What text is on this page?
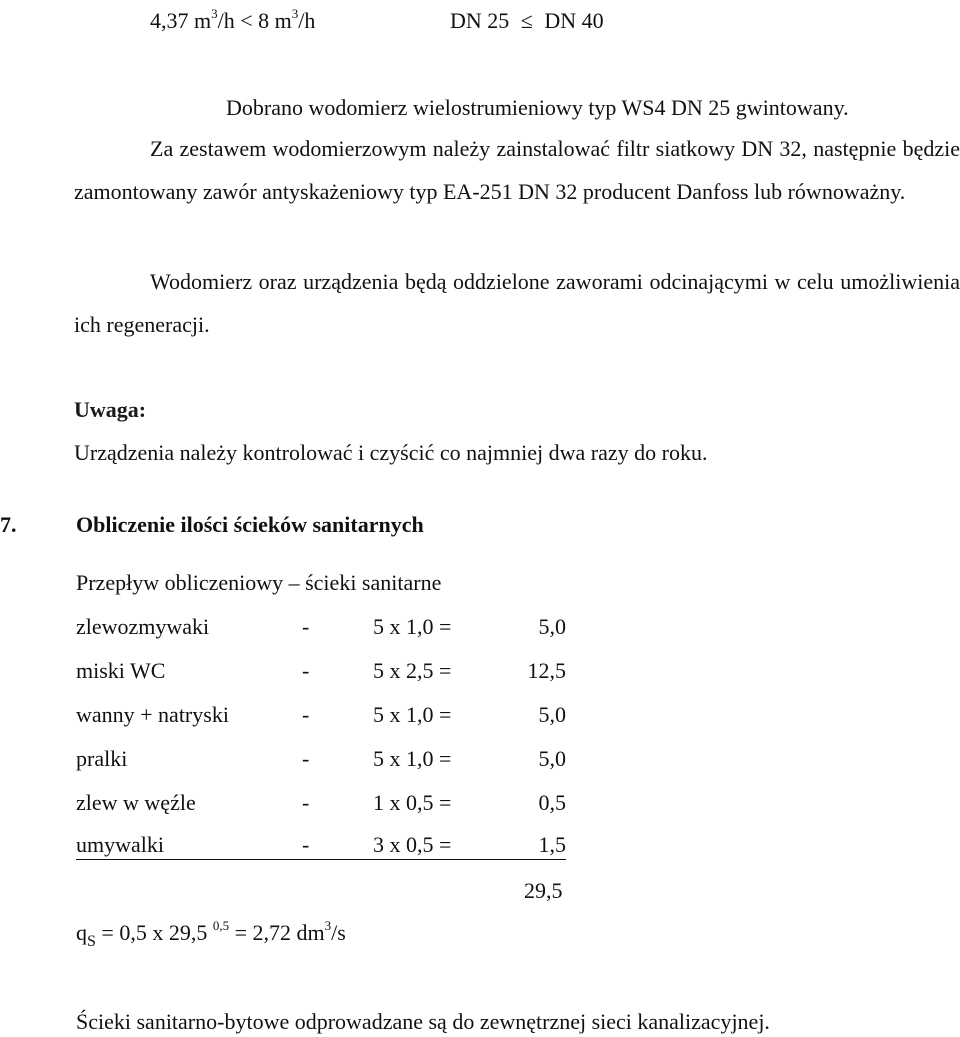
4,37 $m^3/h < 8$ $m^3/h$	DN 25 ≤ DN 40
Dobrano wodomierz wielostrumieniowy typ WS4 DN 25 gwintowany.
Za zestawem wodomierzowym należy zainstalować filtr siatkowy DN 32, następnie będzie zamontowany zawór antyskażeniowy typ EA-251 DN 32 producent Danfoss lub równoważny.
Wodomierz oraz urządzenia będą oddzielone zaworami odcinającymi w celu umożliwienia ich regeneracji.
Uwaga:
Urządzenia należy kontrolować i czyścić co najmniej dwa razy do roku.
7.	Obliczenie ilości ścieków sanitarnych
Przepływ obliczeniowy – ścieki sanitarne
zlewozmywaki	-	5 x 1,0 =	5,0
miski WC	-	5 x 2,5 =	12,5
wanny + natryski	-	5 x 1,0 =	5,0
pralki	-	5 x 1,0 =	5,0
zlew w węźle	-	1 x 0,5 =	0,5
umywalki	-	3 x 0,5 =	1,5
29,5
$q_S = 0,5$ x 29,5 $^{0,5}$ = 2,72 $dm^3/s$
Ścieki sanitarno-bytowe odprowadzane są do zewnętrznej sieci kanalizacyjnej.
